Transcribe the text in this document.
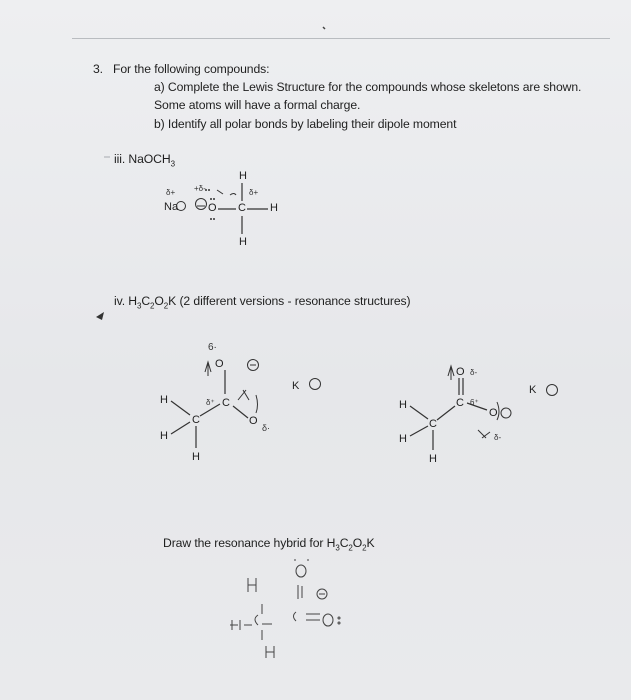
3. For the following compounds:
a) Complete the Lewis Structure for the compounds whose skeletons are shown.
Some atoms will have a formal charge.
b) Identify all polar bonds by labeling their dipole moment
iii. NaOCH$_3$
iv. $H_3C_2O_2K$ (2 different versions - resonance structures)
Draw the resonance hybrid for $H_3C_2O_2K$
Na	O C
H
H
H
H
H
C
H
C
O
O
K
H
H
C
H
C
O
O
K
δ+ +δ-	δ+
6·
δ⁺
δ·
δ-
6⁺
δ-
